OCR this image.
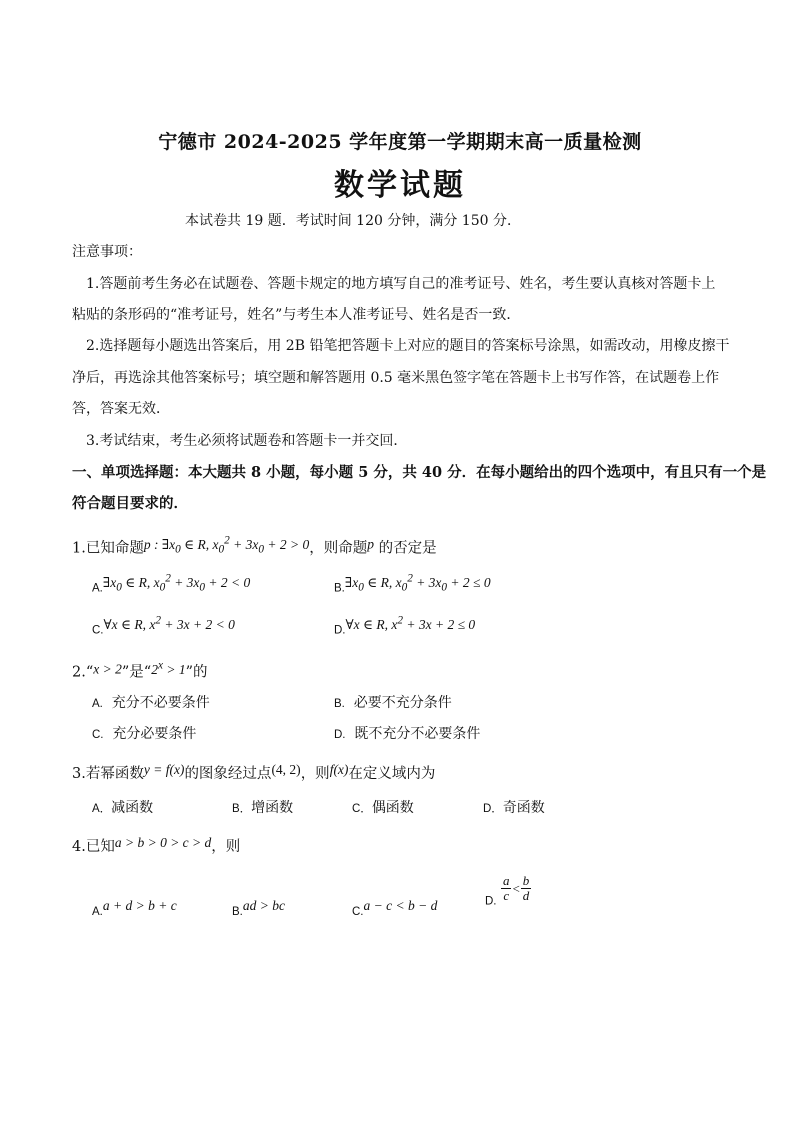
宁德市 2024-2025 学年度第一学期期末高一质量检测
数学试题
本试卷共 19 题．考试时间 120 分钟，满分 150 分．
注意事项：
1.答题前考生务必在试题卷、答题卡规定的地方填写自己的准考证号、姓名，考生要认真核对答题卡上
粘贴的条形码的“准考证号，姓名”与考生本人准考证号、姓名是否一致．
2.选择题每小题选出答案后，用 2B 铅笔把答题卡上对应的题目的答案标号涂黑，如需改动，用橡皮擦干
净后，再选涂其他答案标号；填空题和解答题用 0.5 毫米黑色签字笔在答题卡上书写作答，在试题卷上作
答，答案无效．
3.考试结束，考生必须将试题卷和答题卡一并交回．
一、单项选择题：本大题共 8 小题，每小题 5 分，共 40 分．在每小题给出的四个选项中，有且只有一个是
符合题目要求的．
1.已知命题p : $\exists x_0$ ∈ R, $x_0^2 + 3x_0 + 2 > 0$，则命题p 的否定是
$A.\exists x_0$ ∈ R, $x_0^2 + 3x_0 + 2 < 0$	$B.\exists x_0$ ∈ R, $x_0^2 + 3x_0 + 2 \le 0$
C.∀x ∈ R, $x^2 + 3x + 2 < 0$	D.∀x ∈ R, $x^2 + 3x + 2 \le 0$
2.“x > 2”是“$2^x > 1$”的
A. 充分不必要条件	B. 必要不充分条件
C. 充分必要条件	D. 既不充分不必要条件
3.若幂函数y = f(x)的图象经过点(4, 2)，则f(x)在定义域内为
A．减函数	B．增函数	C．偶函数	D．奇函数
4.已知a > b > 0 > c > d，则
A.a + d > b + c	B.ad > bc	C.a − c < b − d	$_{D.} \frac{a}{c} < \frac{b}{d}$
